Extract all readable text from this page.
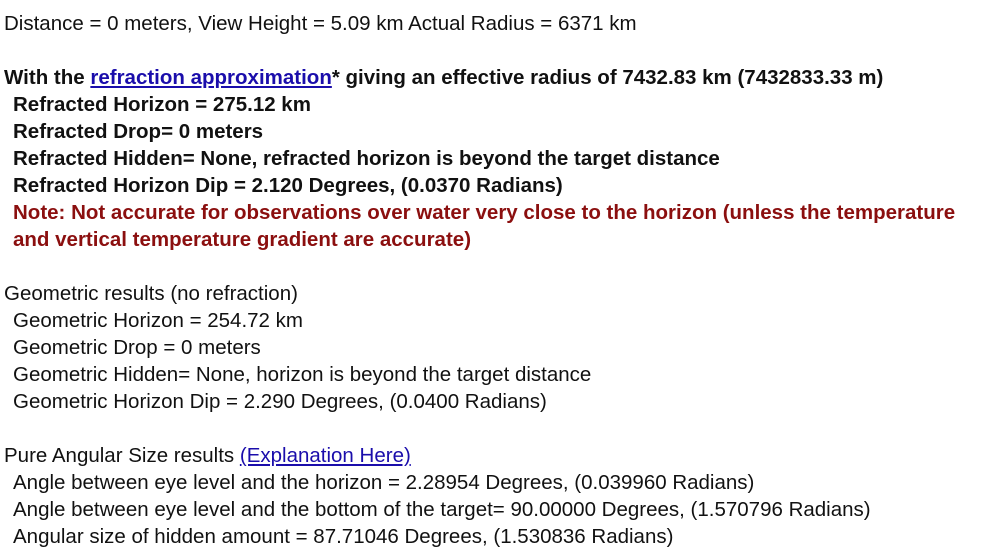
Distance = 0 meters, View Height = 5.09 km Actual Radius = 6371 km
With the refraction approximation* giving an effective radius of 7432.83 km (7432833.33 m)
Refracted Horizon = 275.12 km
Refracted Drop= 0 meters
Refracted Hidden= None, refracted horizon is beyond the target distance
Refracted Horizon Dip = 2.120 Degrees, (0.0370 Radians)
Note: Not accurate for observations over water very close to the horizon (unless the temperature
and vertical temperature gradient are accurate)
Geometric results (no refraction)
Geometric Horizon = 254.72 km
Geometric Drop = 0 meters
Geometric Hidden= None, horizon is beyond the target distance
Geometric Horizon Dip = 2.290 Degrees, (0.0400 Radians)
Pure Angular Size results (Explanation Here)
Angle between eye level and the horizon = 2.28954 Degrees, (0.039960 Radians)
Angle between eye level and the bottom of the target= 90.00000 Degrees, (1.570796 Radians)
Angular size of hidden amount = 87.71046 Degrees, (1.530836 Radians)
